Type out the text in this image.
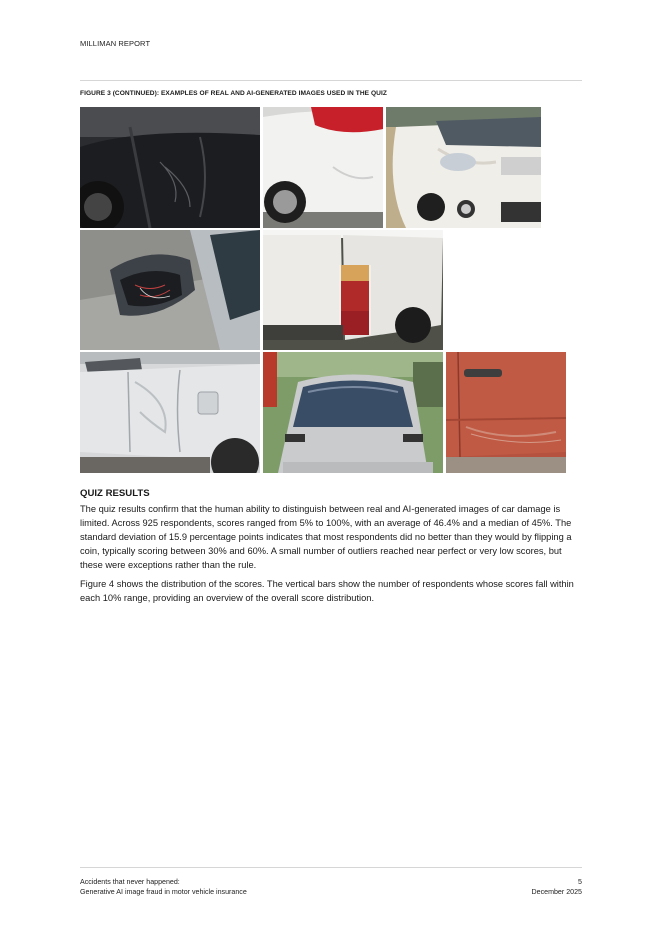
MILLIMAN REPORT
FIGURE 3 (CONTINUED): EXAMPLES OF REAL AND AI-GENERATED IMAGES USED IN THE QUIZ
QUIZ RESULTS

The quiz results confirm that the human ability to distinguish between real and AI-generated images of car damage is limited. Across 925 respondents, scores ranged from 5% to 100%, with an average of 46.4% and a median of 45%. The standard deviation of 15.9 percentage points indicates that most respondents did no better than they would by flipping a coin, typically scoring between 30% and 60%. A small number of outliers reached near perfect or very low scores, but these were exceptions rather than the rule.

Figure 4 shows the distribution of the scores. The vertical bars show the number of respondents whose scores fall within each 10% range, providing an overview of the overall score distribution.

Accidents that never happened:
Generative AI image fraud in motor vehicle insurance
5
December 2025
